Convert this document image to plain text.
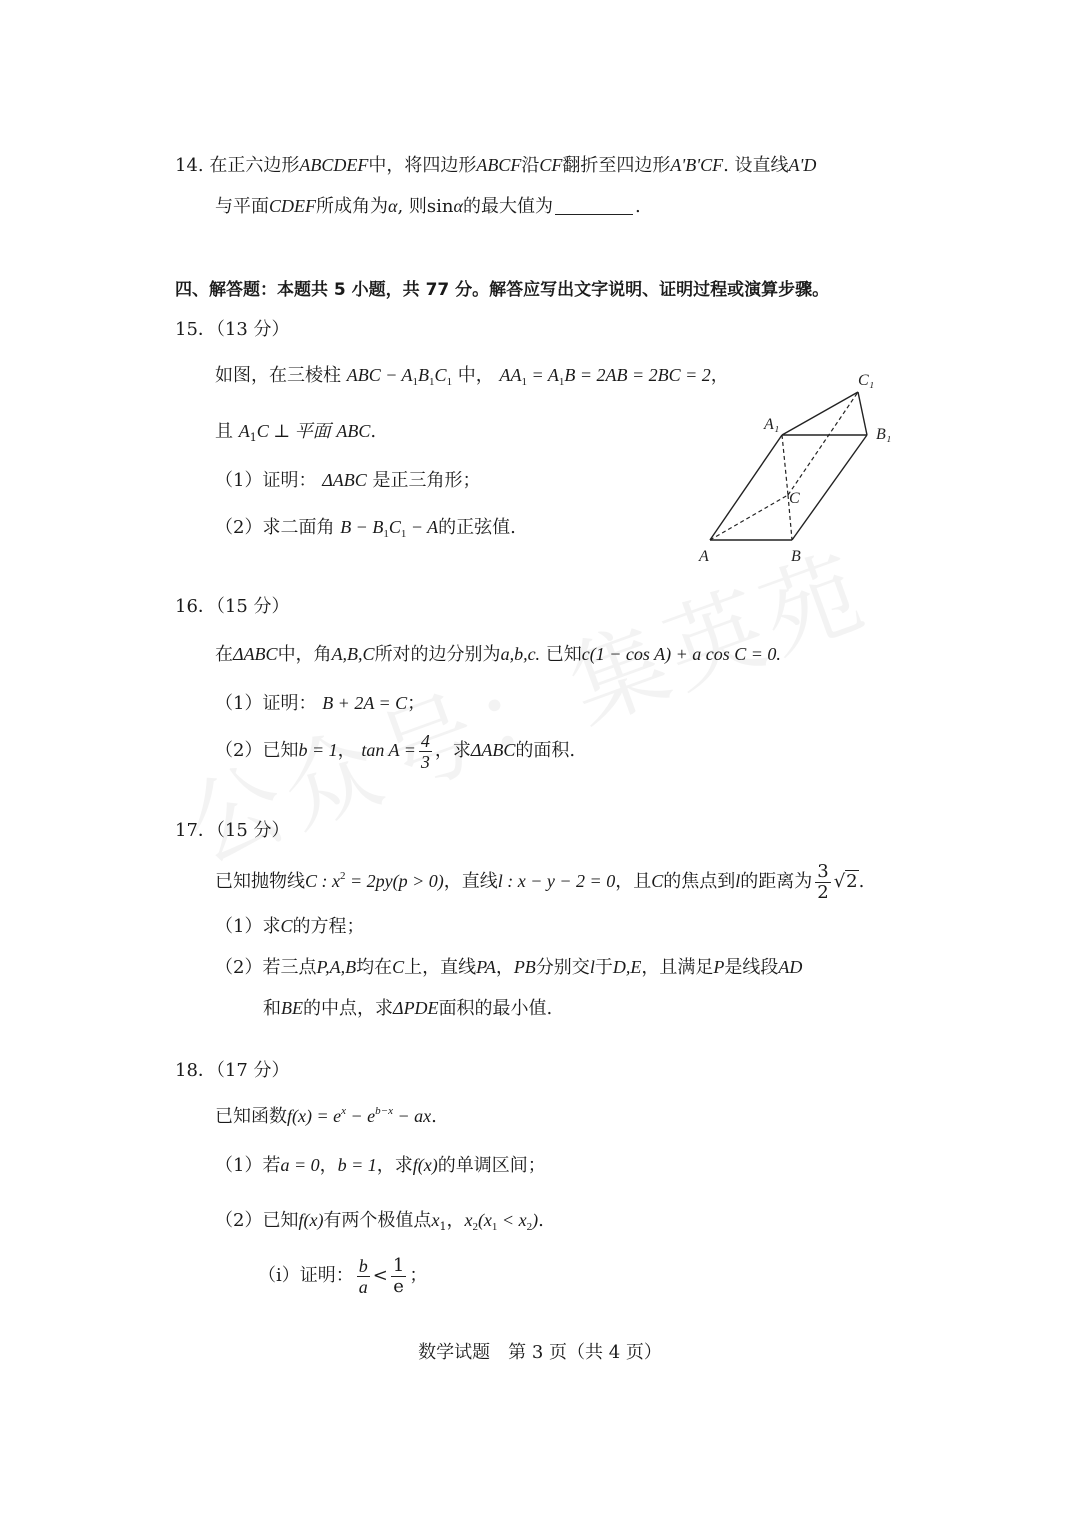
14. 在正六边形ABCDEF中，将四边形ABCF沿CF翻折至四边形A'B'CF. 设直线A'D
与平面CDEF所成角为α, 则sinα的最大值为	.
四、解答题：本题共 5 小题，共 77 分。解答应写出文字说明、证明过程或演算步骤。
15．（13 分）
如图，在三棱柱 ABC − $A_1B_1C_1$ 中， $AA_1 = A_1B = 2AB = 2BC = 2$，
且 $A_1C$ ⊥ 平面 ABC.
（1）证明： ΔABC 是正三角形；
（2）求二面角 $B - B_1C_1 - A$的正弦值.
C₁
A₁
B₁
C
A	B
16．（15 分）
在ΔABC中，角A,B,C所对的边分别为a,b,c. 已知c(1 − cos A) + a cos C = 0.
（1）证明： B + 2A = C；
（2）已知b = 1， $\tan A = \frac{4}{3}$ ，求ΔABC的面积.
17．（15 分）
已知抛物线C : $x^2 = 2py(p > 0)$，直线l : x − y − 2 = 0，且C的焦点到l的距离为 $\frac{3}{2} √2$.
（1）求C的方程；
（2）若三点P,A,B均在C上，直线PA，PB分别交l于D,E，且满足P是线段AD
和BE的中点，求ΔPDE面积的最小值.
18．（17 分）
已知函数$f(x) = e^x - e^{b-x}$ − ax.
（1）若a = 0，b = 1，求f(x)的单调区间；
（2）已知f(x)有两个极值点$x_1$，$x_2(x_1 < x_2)$.
（i）证明： $\frac{b}{a} < \frac{1}{e}$ ；
数学试题　第 3 页（共 4 页）
